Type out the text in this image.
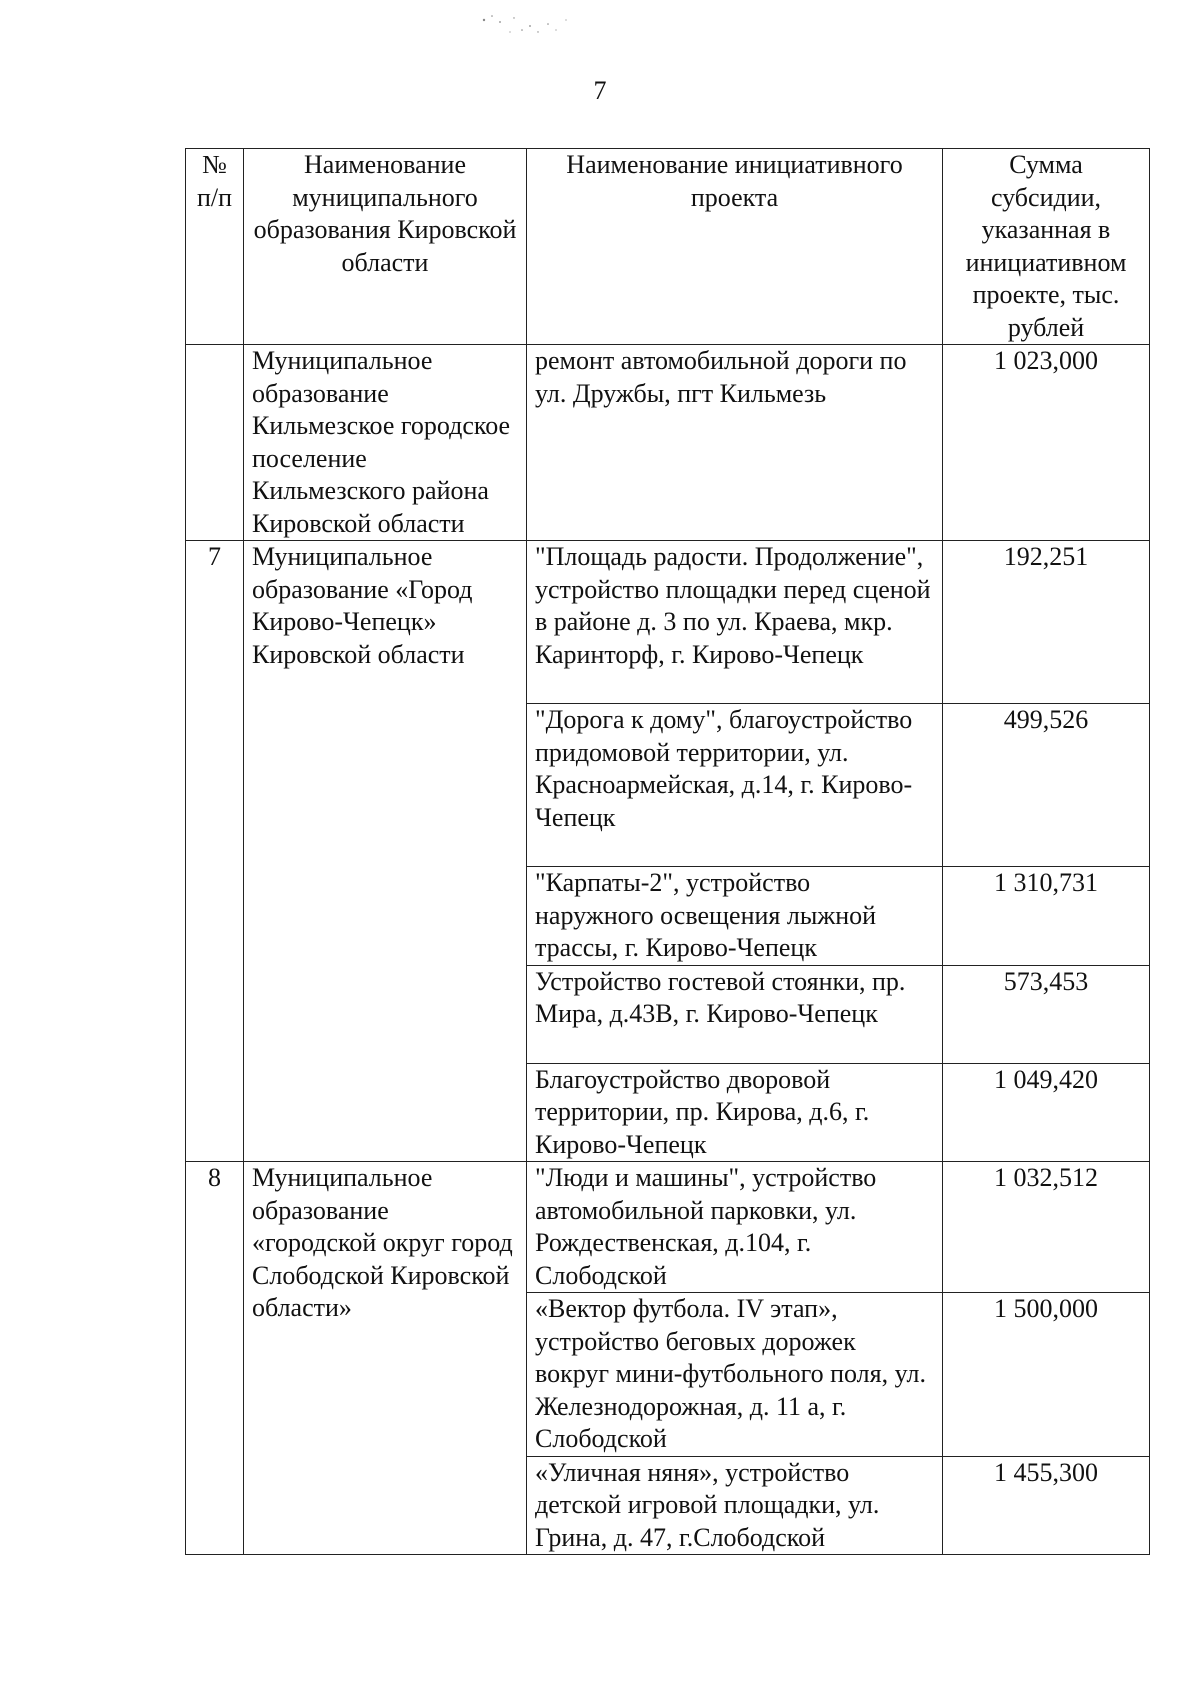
7
№ п/п	Наименование муниципального образования Кировской области	Наименование инициативного проекта	Сумма субсидии, указанная в инициативном проекте, тыс. рублей
	Муниципальное образование Кильмезское городское поселение Кильмезского района Кировской области	ремонт автомобильной дороги по ул. Дружбы, пгт Кильмезь	1 023,000
7	Муниципальное образование «Город Кирово-Чепецк» Кировской области	"Площадь радости. Продолжение", устройство площадки перед сценой в районе д. 3 по ул. Краева, мкр. Каринторф, г. Кирово-Чепецк	192,251
		"Дорога к дому", благоустройство придомовой территории, ул. Красноармейская, д.14, г. Кирово-Чепецк	499,526
		"Карпаты-2", устройство наружного освещения лыжной трассы, г. Кирово-Чепецк	1 310,731
		Устройство гостевой стоянки, пр. Мира, д.43В, г. Кирово-Чепецк	573,453
		Благоустройство дворовой территории, пр. Кирова, д.6, г. Кирово-Чепецк	1 049,420
8	Муниципальное образование «городской округ город Слободской Кировской области»	"Люди и машины", устройство автомобильной парковки, ул. Рождественская, д.104, г. Слободской	1 032,512
		«Вектор футбола. IV этап», устройство беговых дорожек вокруг мини-футбольного поля, ул. Железнодорожная, д. 11 а, г. Слободской	1 500,000
		«Уличная няня», устройство детской игровой площадки, ул. Грина, д. 47, г.Слободской	1 455,300
